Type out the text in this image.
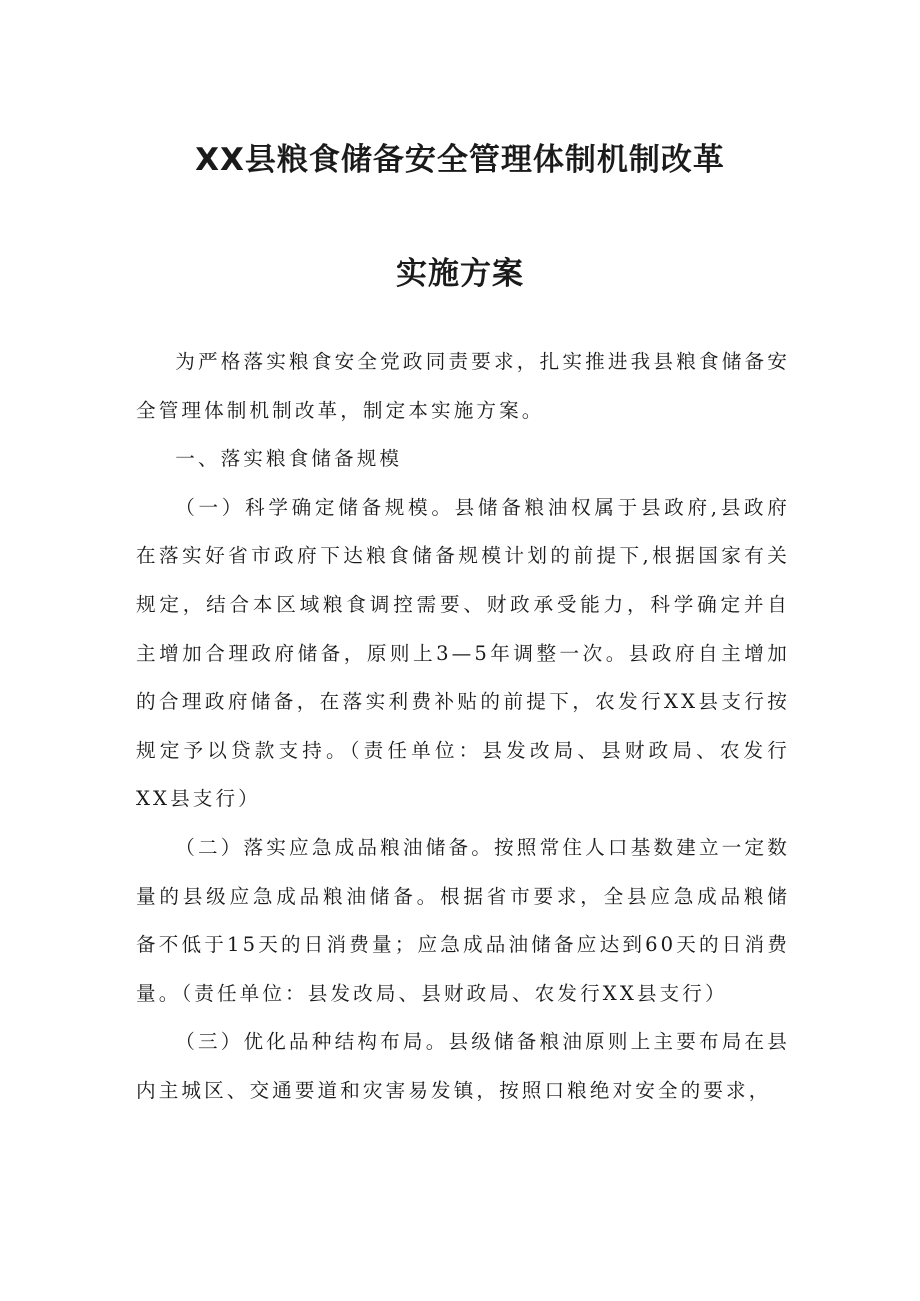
XX县粮食储备安全管理体制机制改革
实施方案

为严格落实粮食安全党政同责要求，扎实推进我县粮食储备安全管理体制机制改革，制定本实施方案。

一、落实粮食储备规模

（一）科学确定储备规模。县储备粮油权属于县政府,县政府在落实好省市政府下达粮食储备规模计划的前提下,根据国家有关规定，结合本区域粮食调控需要、财政承受能力，科学确定并自主增加合理政府储备，原则上3—5年调整一次。县政府自主增加的合理政府储备，在落实利费补贴的前提下，农发行XX县支行按规定予以贷款支持。（责任单位：县发改局、县财政局、农发行XX县支行）

（二）落实应急成品粮油储备。按照常住人口基数建立一定数量的县级应急成品粮油储备。根据省市要求，全县应急成品粮储备不低于15天的日消费量；应急成品油储备应达到60天的日消费量。（责任单位：县发改局、县财政局、农发行XX县支行）

（三）优化品种结构布局。县级储备粮油原则上主要布局在县内主城区、交通要道和灾害易发镇，按照口粮绝对安全的要求，
